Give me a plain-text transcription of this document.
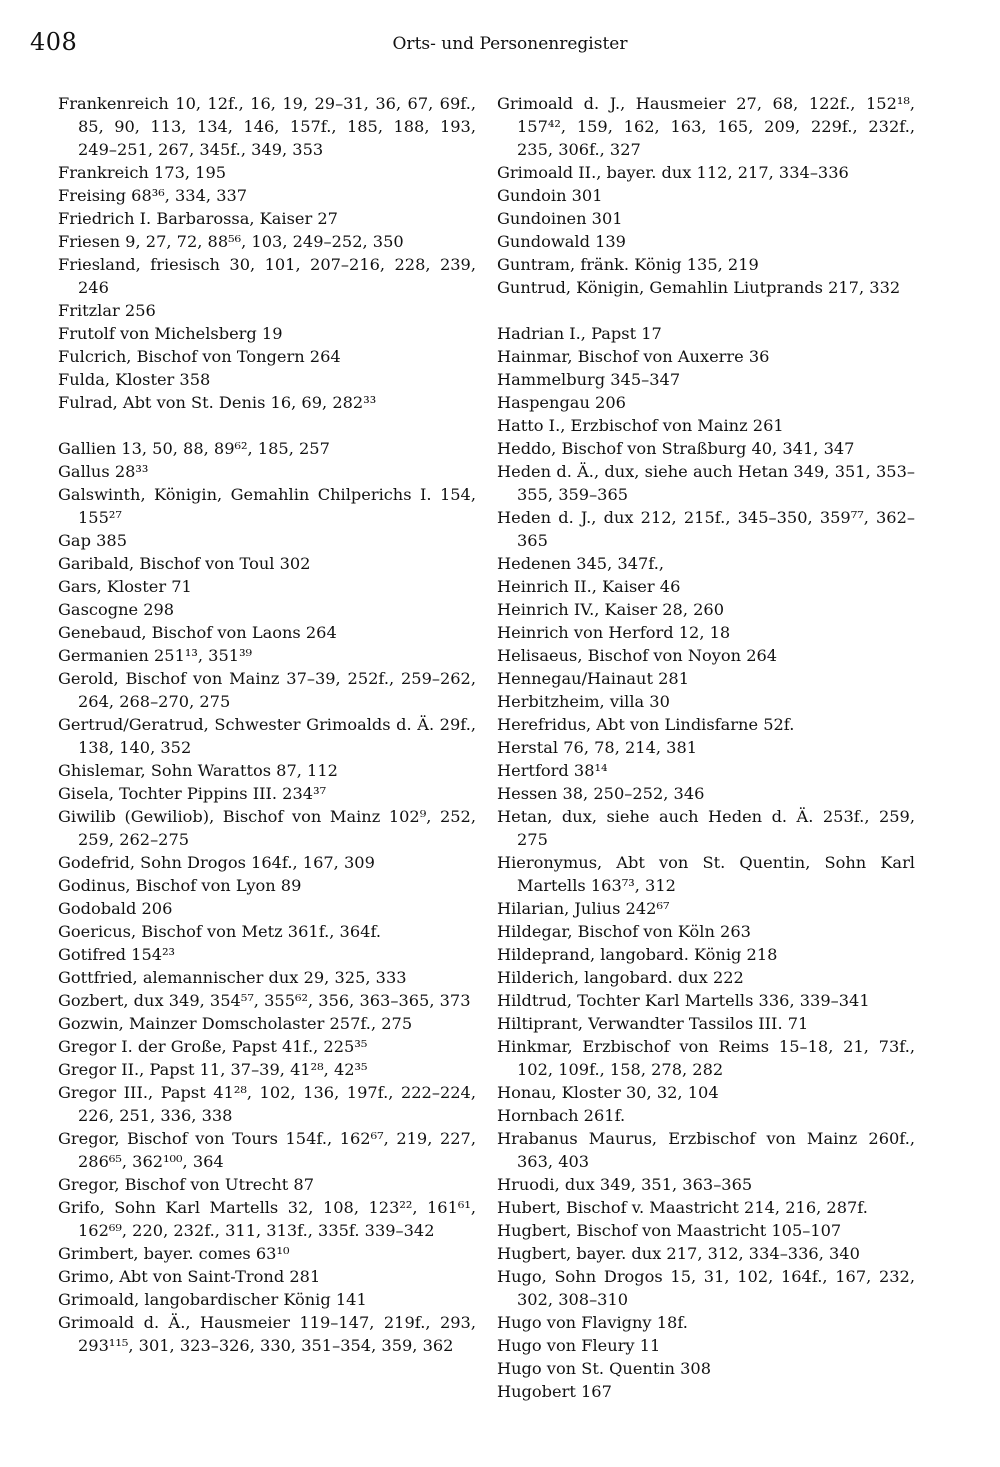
408	Orts- und Personenregister

Frankenreich 10, 12f., 16, 19, 29–31, 36, 67, 69f., 85, 90, 113, 134, 146, 157f., 185, 188, 193, 249–251, 267, 345f., 349, 353

Frankreich 173, 195

Freising 68³⁶, 334, 337

Friedrich I. Barbarossa, Kaiser 27

Friesen 9, 27, 72, 88⁵⁶, 103, 249–252, 350

Friesland, friesisch 30, 101, 207–216, 228, 239, 246

Fritzlar 256

Frutolf von Michelsberg 19

Fulcrich, Bischof von Tongern 264

Fulda, Kloster 358

Fulrad, Abt von St. Denis 16, 69, 282³³

Gallien 13, 50, 88, 89⁶², 185, 257

Gallus 28³³

Galswinth, Königin, Gemahlin Chilperichs I. 154, 155²⁷

Gap 385

Garibald, Bischof von Toul 302

Gars, Kloster 71

Gascogne 298

Genebaud, Bischof von Laons 264

Germanien 251¹³, 351³⁹

Gerold, Bischof von Mainz 37–39, 252f., 259–262, 264, 268–270, 275

Gertrud/Geratrud, Schwester Grimoalds d. Ä. 29f., 138, 140, 352

Ghislemar, Sohn Warattos 87, 112

Gisela, Tochter Pippins III. 234³⁷

Giwilib (Gewiliob), Bischof von Mainz 102⁹, 252, 259, 262–275

Godefrid, Sohn Drogos 164f., 167, 309

Godinus, Bischof von Lyon 89

Godobald 206

Goericus, Bischof von Metz 361f., 364f.

Gotifred 154²³

Gottfried, alemannischer dux 29, 325, 333

Gozbert, dux 349, 354⁵⁷, 355⁶², 356, 363–365, 373

Gozwin, Mainzer Domscholaster 257f., 275

Gregor I. der Große, Papst 41f., 225³⁵

Gregor II., Papst 11, 37–39, 41²⁸, 42³⁵

Gregor III., Papst 41²⁸, 102, 136, 197f., 222–224, 226, 251, 336, 338

Gregor, Bischof von Tours 154f., 162⁶⁷, 219, 227, 286⁶⁵, 362¹⁰⁰, 364

Gregor, Bischof von Utrecht 87

Grifo, Sohn Karl Martells 32, 108, 123²², 161⁶¹, 162⁶⁹, 220, 232f., 311, 313f., 335f. 339–342

Grimbert, bayer. comes 63¹⁰

Grimo, Abt von Saint-Trond 281

Grimoald, langobardischer König 141

Grimoald d. Ä., Hausmeier 119–147, 219f., 293, 293¹¹⁵, 301, 323–326, 330, 351–354, 359, 362

Grimoald d. J., Hausmeier 27, 68, 122f., 152¹⁸, 157⁴², 159, 162, 163, 165, 209, 229f., 232f., 235, 306f., 327

Grimoald II., bayer. dux 112, 217, 334–336

Gundoin 301

Gundoinen 301

Gundowald 139

Guntram, fränk. König 135, 219

Guntrud, Königin, Gemahlin Liutprands 217, 332

Hadrian I., Papst 17

Hainmar, Bischof von Auxerre 36

Hammelburg 345–347

Haspengau 206

Hatto I., Erzbischof von Mainz 261

Heddo, Bischof von Straßburg 40, 341, 347

Heden d. Ä., dux, siehe auch Hetan 349, 351, 353–355, 359–365

Heden d. J., dux 212, 215f., 345–350, 359⁷⁷, 362–365

Hedenen 345, 347f.,

Heinrich II., Kaiser 46

Heinrich IV., Kaiser 28, 260

Heinrich von Herford 12, 18

Helisaeus, Bischof von Noyon 264

Hennegau/Hainaut 281

Herbitzheim, villa 30

Herefridus, Abt von Lindisfarne 52f.

Herstal 76, 78, 214, 381

Hertford 38¹⁴

Hessen 38, 250–252, 346

Hetan, dux, siehe auch Heden d. Ä. 253f., 259, 275

Hieronymus, Abt von St. Quentin, Sohn Karl Martells 163⁷³, 312

Hilarian, Julius 242⁶⁷

Hildegar, Bischof von Köln 263

Hildeprand, langobard. König 218

Hilderich, langobard. dux 222

Hildtrud, Tochter Karl Martells 336, 339–341

Hiltiprant, Verwandter Tassilos III. 71

Hinkmar, Erzbischof von Reims 15–18, 21, 73f., 102, 109f., 158, 278, 282

Honau, Kloster 30, 32, 104

Hornbach 261f.

Hrabanus Maurus, Erzbischof von Mainz 260f., 363, 403

Hruodi, dux 349, 351, 363–365

Hubert, Bischof v. Maastricht 214, 216, 287f.

Hugbert, Bischof von Maastricht 105–107

Hugbert, bayer. dux 217, 312, 334–336, 340

Hugo, Sohn Drogos 15, 31, 102, 164f., 167, 232, 302, 308–310

Hugo von Flavigny 18f.

Hugo von Fleury 11

Hugo von St. Quentin 308

Hugobert 167
